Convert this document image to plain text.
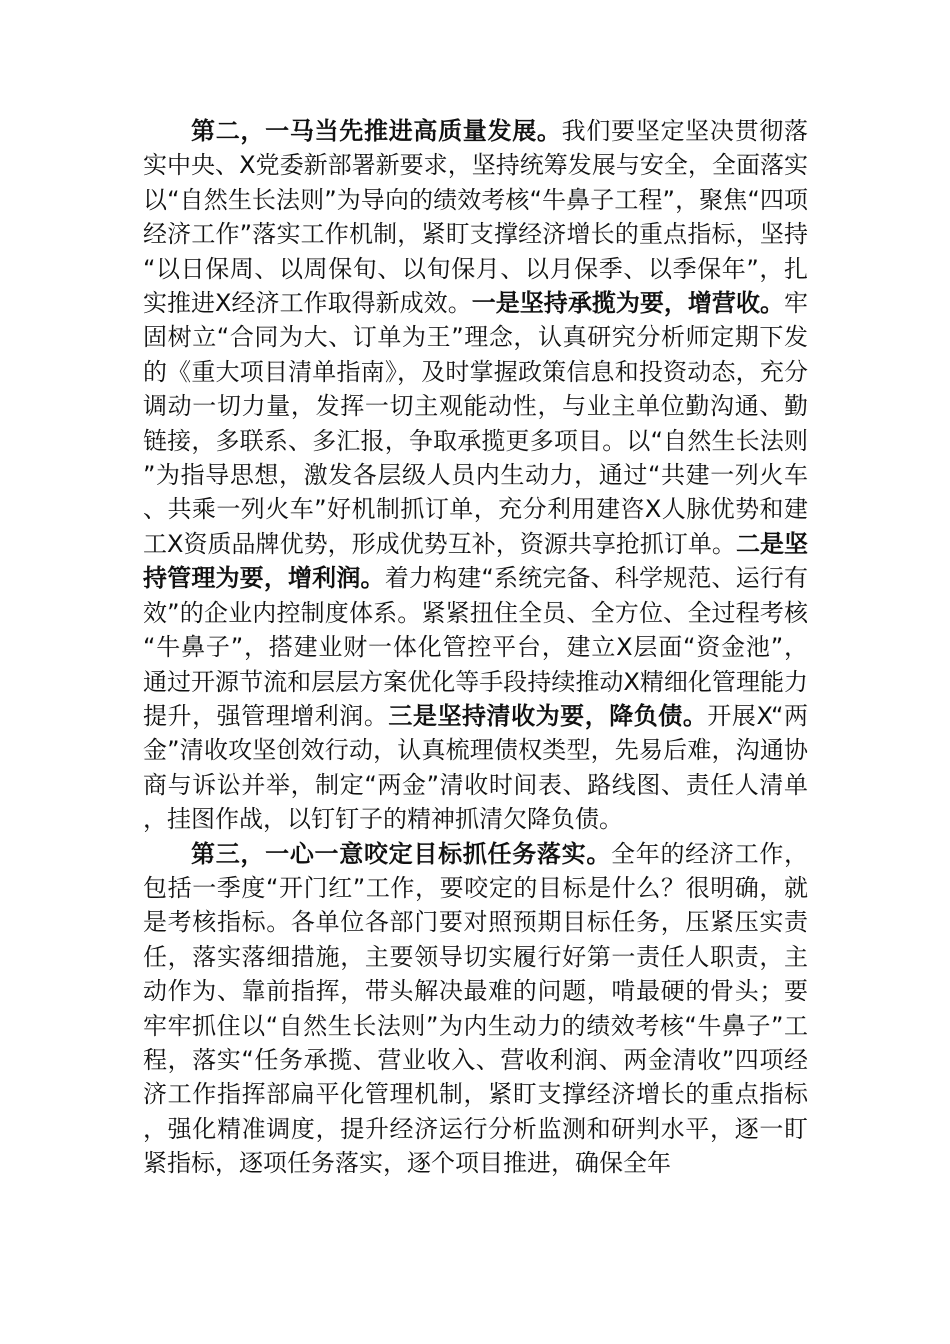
第二，一马当先推进高质量发展。我们要坚定坚决贯彻落实中央、X党委新部署新要求，坚持统筹发展与安全，全面落实以“自然生长法则”为导向的绩效考核“牛鼻子工程”，聚焦“四项经济工作”落实工作机制，紧盯支撑经济增长的重点指标，坚持“以日保周、以周保旬、以旬保月、以月保季、以季保年”，扎实推进X经济工作取得新成效。一是坚持承揽为要，增营收。牢固树立“合同为大、订单为王”理念，认真研究分析师定期下发的《重大项目清单指南》，及时掌握政策信息和投资动态，充分调动一切力量，发挥一切主观能动性，与业主单位勤沟通、勤链接，多联系、多汇报，争取承揽更多项目。以“自然生长法则”为指导思想，激发各层级人员内生动力，通过“共建一列火车、共乘一列火车”好机制抓订单，充分利用建咨X人脉优势和建工X资质品牌优势，形成优势互补，资源共享抢抓订单。二是坚持管理为要，增利润。着力构建“系统完备、科学规范、运行有效”的企业内控制度体系。紧紧扭住全员、全方位、全过程考核“牛鼻子”，搭建业财一体化管控平台，建立X层面“资金池”，通过开源节流和层层方案优化等手段持续推动X精细化管理能力提升，强管理增利润。三是坚持清收为要，降负债。开展X“两金”清收攻坚创效行动，认真梳理债权类型，先易后难，沟通协商与诉讼并举，制定“两金”清收时间表、路线图、责任人清单，挂图作战，以钉钉子的精神抓清欠降负债。

第三，一心一意咬定目标抓任务落实。全年的经济工作，包括一季度“开门红”工作，要咬定的目标是什么？很明确，就是考核指标。各单位各部门要对照预期目标任务，压紧压实责任，落实落细措施，主要领导切实履行好第一责任人职责，主动作为、靠前指挥，带头解决最难的问题，啃最硬的骨头；要牢牢抓住以“自然生长法则”为内生动力的绩效考核“牛鼻子”工程，落实“任务承揽、营业收入、营收利润、两金清收”四项经济工作指挥部扁平化管理机制，紧盯支撑经济增长的重点指标，强化精准调度，提升经济运行分析监测和研判水平，逐一盯紧指标，逐项任务落实，逐个项目推进，确保全年
